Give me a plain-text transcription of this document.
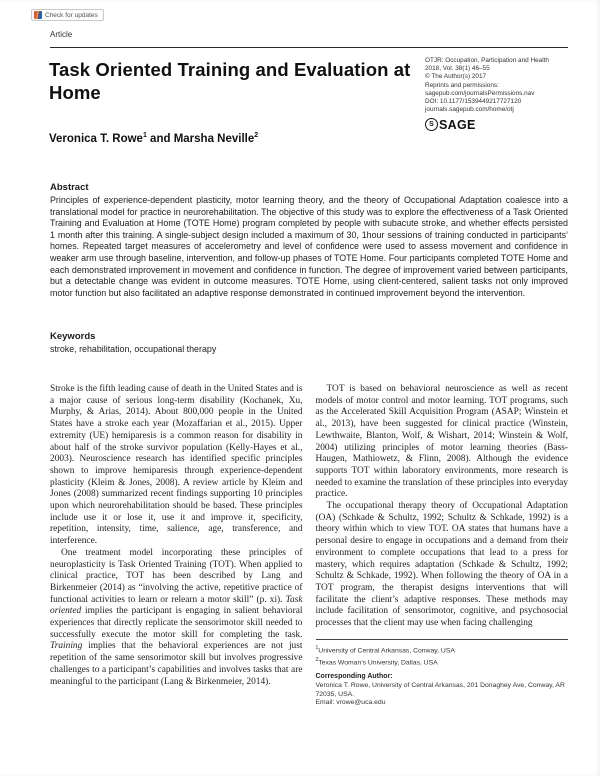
Check for updates
Article
Task Oriented Training and Evaluation at Home
OTJR: Occupation, Participation and Health
2018, Vol. 38(1) 46–55
© The Author(s) 2017
Reprints and permissions:
sagepub.com/journalsPermissions.nav
DOI: 10.1177/1539449217727120
journals.sagepub.com/home/otj
S SAGE
Veronica T. Rowe$^1$ and Marsha Neville$^2$
Abstract
Principles of experience-dependent plasticity, motor learning theory, and the theory of Occupational Adaptation coalesce into a translational model for practice in neurorehabilitation. The objective of this study was to explore the effectiveness of a Task Oriented Training and Evaluation at Home (TOTE Home) program completed by people with subacute stroke, and whether effects persisted 1 month after this training. A single-subject design included a maximum of 30, 1hour sessions of training conducted in participants’ homes. Repeated target measures of accelerometry and level of confidence were used to assess movement and confidence in weaker arm use through baseline, intervention, and follow-up phases of TOTE Home. Four participants completed TOTE Home and each demonstrated improvement in movement and confidence in function. The degree of improvement varied between participants, but a detectable change was evident in outcome measures. TOTE Home, using client-centered, salient tasks not only improved motor function but also facilitated an adaptive response demonstrated in continued improvement beyond the intervention.
Keywords
stroke, rehabilitation, occupational therapy

Stroke is the fifth leading cause of death in the United States and is a major cause of serious long-term disability (Kochanek, Xu, Murphy, & Arias, 2014). About 800,000 people in the United States have a stroke each year (Mozaffarian et al., 2015). Upper extremity (UE) hemiparesis is a common reason for disability in about half of the stroke survivor population (Kelly-Hayes et al., 2003). Neuroscience research has identified specific principles shown to improve hemiparesis through experience-dependent plasticity (Kleim & Jones, 2008). A review article by Kleim and Jones (2008) summarized recent findings supporting 10 principles upon which neurorehabilitation should be based. These principles include use it or lose it, use it and improve it, specificity, repetition, intensity, time, salience, age, transference, and interference.

One treatment model incorporating these principles of neuroplasticity is Task Oriented Training (TOT). When applied to clinical practice, TOT has been described by Lang and Birkenmeier (2014) as “involving the active, repetitive practice of functional activities to learn or relearn a motor skill” (p. xi). Task oriented implies the participant is engaging in salient behavioral experiences that directly replicate the sensorimotor skill needed to successfully execute the motor skill for completing the task. Training implies that the behavioral experiences are not just repetition of the same sensorimotor skill but involves progressive challenges to a participant’s capabilities and involves tasks that are meaningful to the participant (Lang & Birkenmeier, 2014).

TOT is based on behavioral neuroscience as well as recent models of motor control and motor learning. TOT programs, such as the Accelerated Skill Acquisition Program (ASAP; Winstein et al., 2013), have been suggested for clinical practice (Winstein, Lewthwaite, Blanton, Wolf, & Wishart, 2014; Winstein & Wolf, 2004) utilizing principles of motor learning theories (Bass-Haugen, Mathiowetz, & Flinn, 2008). Although the evidence supports TOT within laboratory environments, more research is needed to examine the translation of these principles into everyday practice.

The occupational therapy theory of Occupational Adaptation (OA) (Schkade & Schultz, 1992; Schultz & Schkade, 1992) is a theory within which to view TOT. OA states that humans have a personal desire to engage in occupations and a demand from their environment to complete occupations that lead to a press for mastery, which requires adaptation (Schkade & Schultz, 1992; Schultz & Schkade, 1992). When following the theory of OA in a TOT program, the therapist designs interventions that will facilitate the client’s adaptive responses. These methods may include facilitation of sensorimotor, cognitive, and psychosocial processes that the client may use when facing challenging

$^1$University of Central Arkansas, Conway, USA
$^2$Texas Woman’s University, Dallas, USA
Corresponding Author:
Veronica T. Rowe, University of Central Arkansas, 201 Donaghey Ave, Conway, AR 72035, USA.
Email: vrowe@uca.edu
